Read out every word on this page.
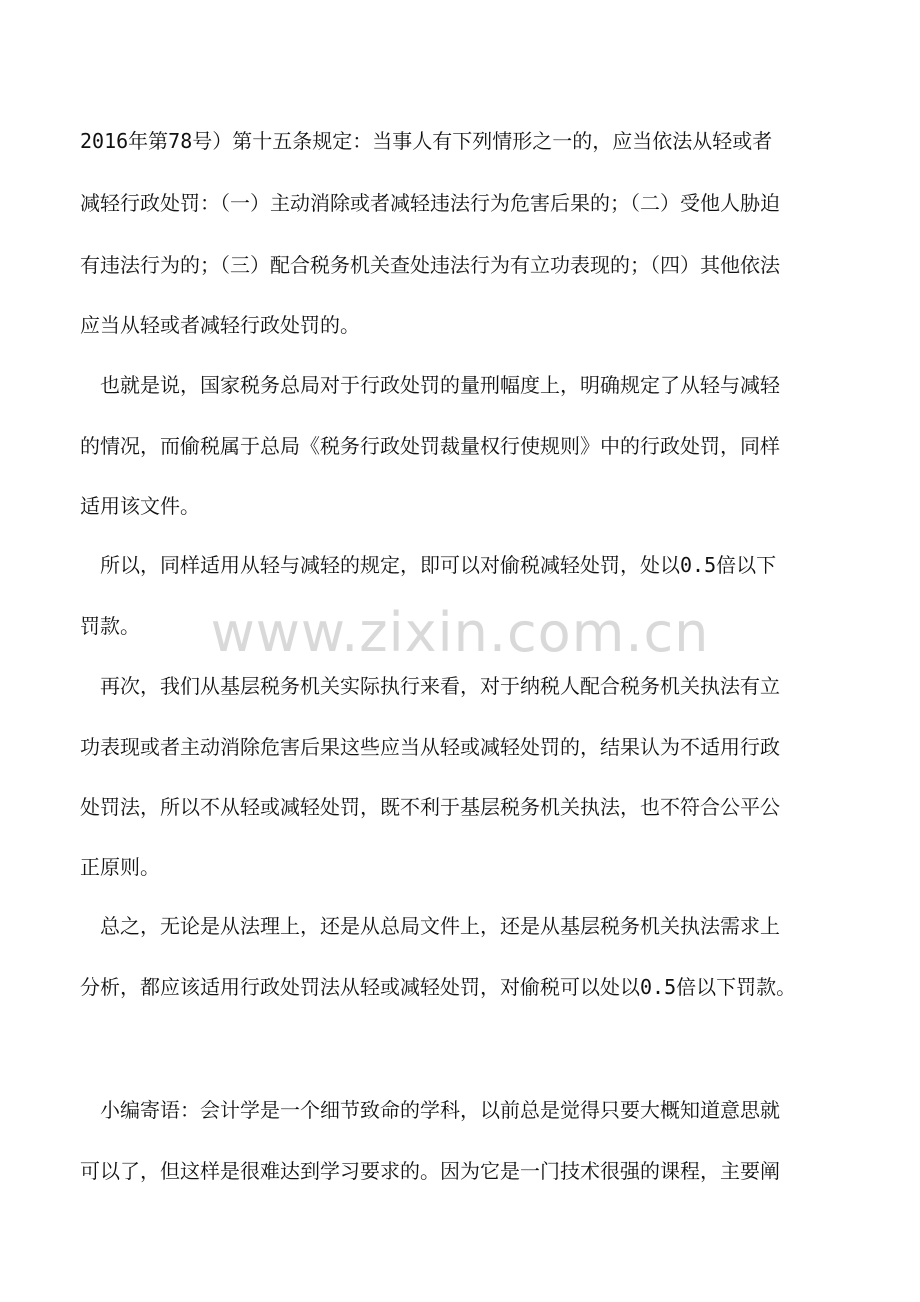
2016年第78号）第十五条规定：当事人有下列情形之一的，应当依法从轻或者
减轻行政处罚：（一）主动消除或者减轻违法行为危害后果的；（二）受他人胁迫
有违法行为的；（三）配合税务机关查处违法行为有立功表现的；（四）其他依法
应当从轻或者减轻行政处罚的。
　也就是说，国家税务总局对于行政处罚的量刑幅度上，明确规定了从轻与减轻
的情况，而偷税属于总局《税务行政处罚裁量权行使规则》中的行政处罚，同样
适用该文件。
　所以，同样适用从轻与减轻的规定，即可以对偷税减轻处罚，处以0.5倍以下
罚款。
　再次，我们从基层税务机关实际执行来看，对于纳税人配合税务机关执法有立
功表现或者主动消除危害后果这些应当从轻或减轻处罚的，结果认为不适用行政
处罚法，所以不从轻或减轻处罚，既不利于基层税务机关执法，也不符合公平公
正原则。
　总之，无论是从法理上，还是从总局文件上，还是从基层税务机关执法需求上
分析，都应该适用行政处罚法从轻或减轻处罚，对偷税可以处以0.5倍以下罚款。
　小编寄语：会计学是一个细节致命的学科，以前总是觉得只要大概知道意思就
可以了，但这样是很难达到学习要求的。因为它是一门技术很强的课程，主要阐
www.zixin.com.cn
